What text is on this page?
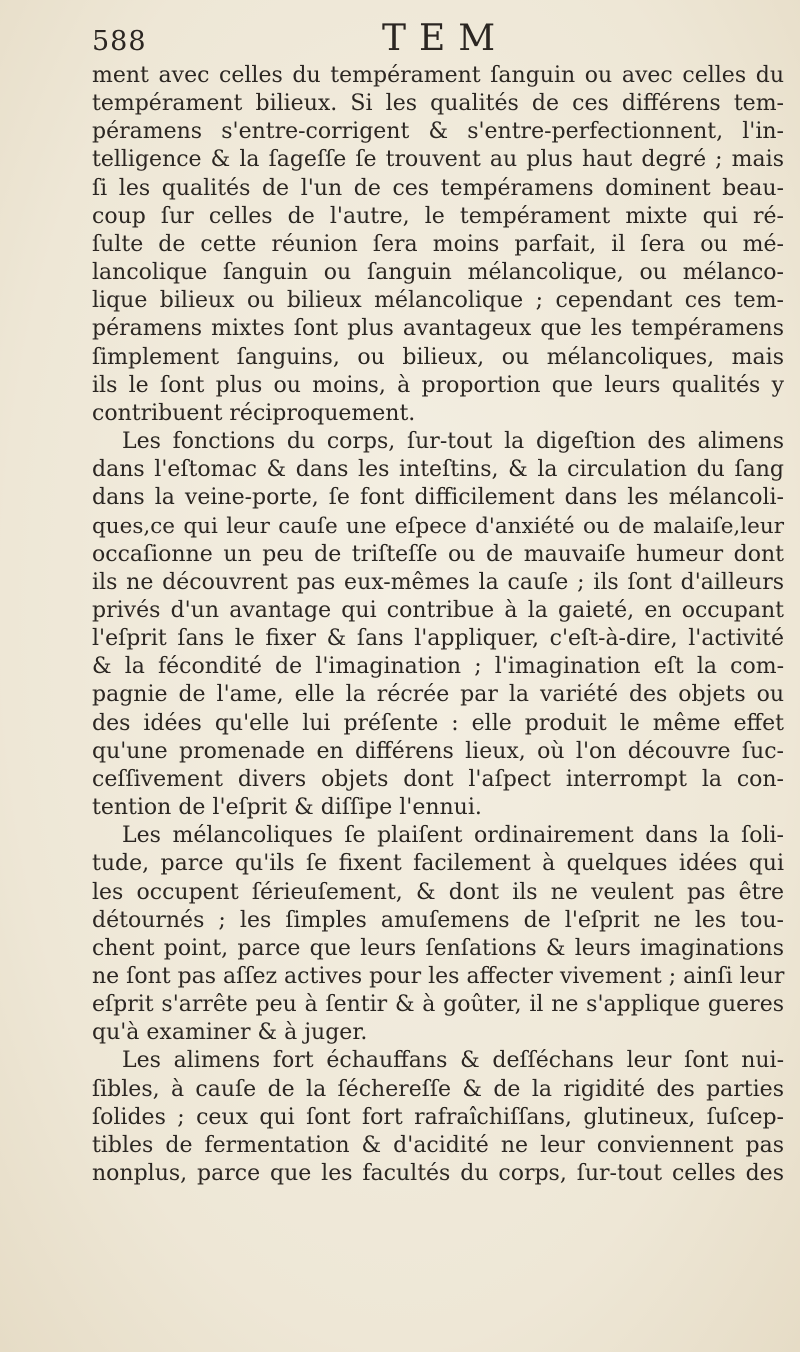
588	TEM
ment avec celles du tempérament ſanguin ou avec celles du
tempérament bilieux. Si les qualités de ces différens tem-
péramens s'entre-corrigent & s'entre-perfectionnent, l'in-
telligence & la ſageſſe ſe trouvent au plus haut degré ; mais
ſi les qualités de l'un de ces tempéramens dominent beau-
coup ſur celles de l'autre, le tempérament mixte qui ré-
ſulte de cette réunion ſera moins parfait, il ſera ou mé-
lancolique ſanguin ou ſanguin mélancolique, ou mélanco-
lique bilieux ou bilieux mélancolique ; cependant ces tem-
péramens mixtes ſont plus avantageux que les tempéramens
ſimplement ſanguins, ou bilieux, ou mélancoliques, mais
ils le ſont plus ou moins, à proportion que leurs qualités y
contribuent réciproquement.
Les fonctions du corps, ſur-tout la digeſtion des alimens
dans l'eſtomac & dans les inteſtins, & la circulation du ſang
dans la veine-porte, ſe font difficilement dans les mélancoli-
ques,ce qui leur cauſe une eſpece d'anxiété ou de malaiſe,leur
occaſionne un peu de triſteſſe ou de mauvaiſe humeur dont
ils ne découvrent pas eux-mêmes la cauſe ; ils ſont d'ailleurs
privés d'un avantage qui contribue à la gaieté, en occupant
l'eſprit ſans le fixer & ſans l'appliquer, c'eſt-à-dire, l'activité
& la fécondité de l'imagination ; l'imagination eſt la com-
pagnie de l'ame, elle la récrée par la variété des objets ou
des idées qu'elle lui préſente : elle produit le même effet
qu'une promenade en différens lieux, où l'on découvre ſuc-
ceſſivement divers objets dont l'aſpect interrompt la con-
tention de l'eſprit & diſſipe l'ennui.
Les mélancoliques ſe plaiſent ordinairement dans la ſoli-
tude, parce qu'ils ſe fixent facilement à quelques idées qui
les occupent ſérieuſement, & dont ils ne veulent pas être
détournés ; les ſimples amuſemens de l'eſprit ne les tou-
chent point, parce que leurs ſenſations & leurs imaginations
ne ſont pas aſſez actives pour les affecter vivement ; ainſi leur
eſprit s'arrête peu à ſentir & à goûter, il ne s'applique gueres
qu'à examiner & à juger.
Les alimens fort échauffans & deſſéchans leur ſont nui-
ſibles, à cauſe de la ſéchereſſe & de la rigidité des parties
ſolides ; ceux qui ſont fort rafraîchiſſans, glutineux, ſuſcep-
tibles de fermentation & d'acidité ne leur conviennent pas
nonplus, parce que les facultés du corps, ſur-tout celles des
